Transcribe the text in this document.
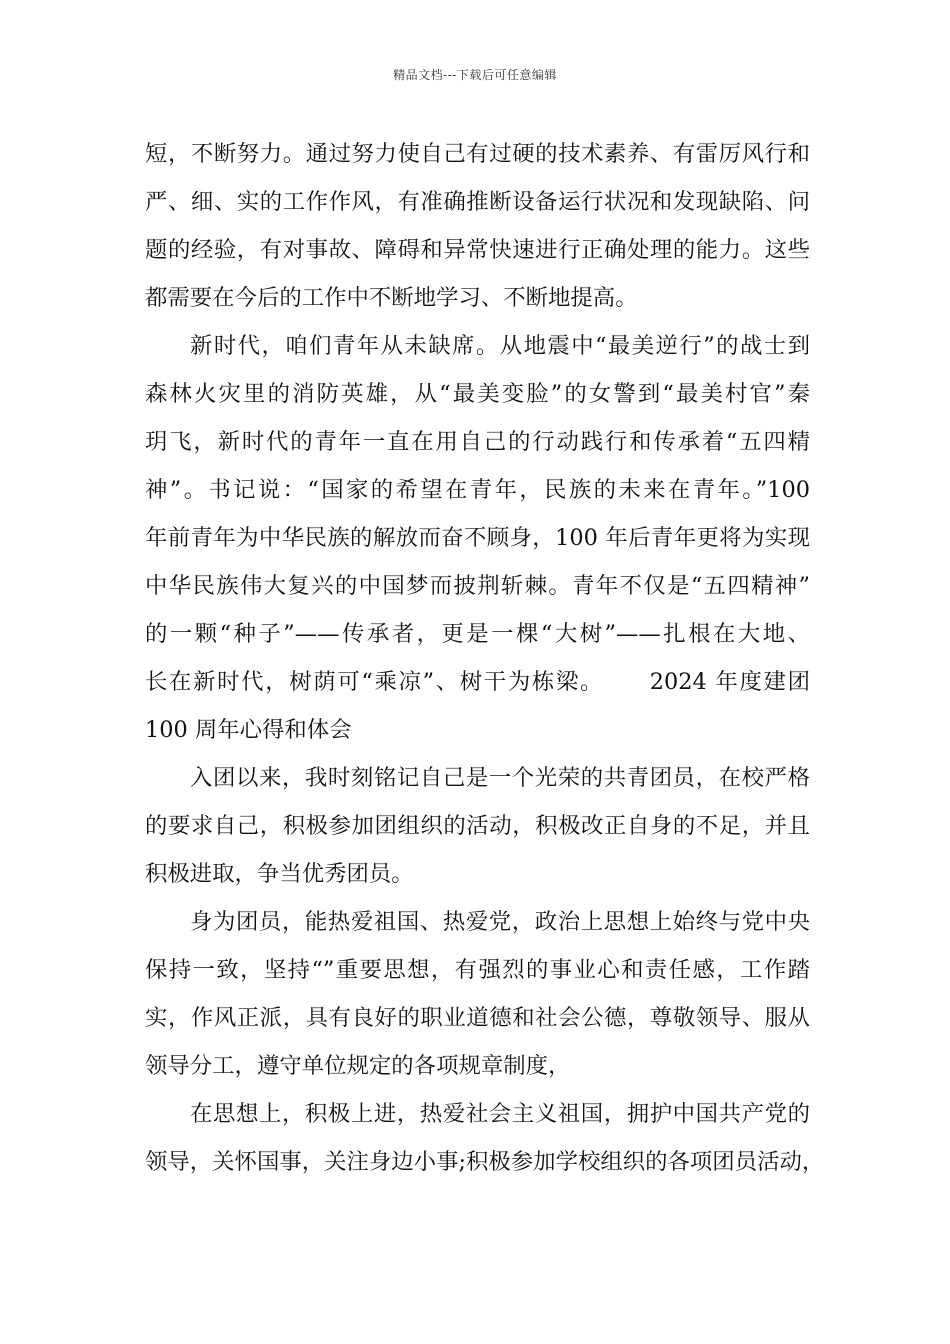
精品文档---下载后可任意编辑
短，不断努力。通过努力使自己有过硬的技术素养、有雷厉风行和
严、细、实的工作作风，有准确推断设备运行状况和发现缺陷、问
题的经验，有对事故、障碍和异常快速进行正确处理的能力。这些
都需要在今后的工作中不断地学习、不断地提高。
新时代，咱们青年从未缺席。从地震中“最美逆行”的战士到
森林火灾里的消防英雄，从“最美变脸”的女警到“最美村官”秦
玥飞，新时代的青年一直在用自己的行动践行和传承着“五四精
神”。书记说：“国家的希望在青年，民族的未来在青年。”100
年前青年为中华民族的解放而奋不顾身，100 年后青年更将为实现
中华民族伟大复兴的中国梦而披荆斩棘。青年不仅是“五四精神”
的一颗“种子”——传承者，更是一棵“大树”——扎根在大地、
长在新时代，树荫可“乘凉”、树干为栋梁。　　 2024 年度建团
100 周年心得和体会
入团以来，我时刻铭记自己是一个光荣的共青团员，在校严格
的要求自己，积极参加团组织的活动，积极改正自身的不足，并且
积极进取，争当优秀团员。
身为团员，能热爱祖国、热爱党，政治上思想上始终与党中央
保持一致，坚持“”重要思想，有强烈的事业心和责任感，工作踏
实，作风正派，具有良好的职业道德和社会公德，尊敬领导、服从
领导分工，遵守单位规定的各项规章制度，
在思想上，积极上进，热爱社会主义祖国，拥护中国共产党的
领导，关怀国事，关注身边小事;积极参加学校组织的各项团员活动，
